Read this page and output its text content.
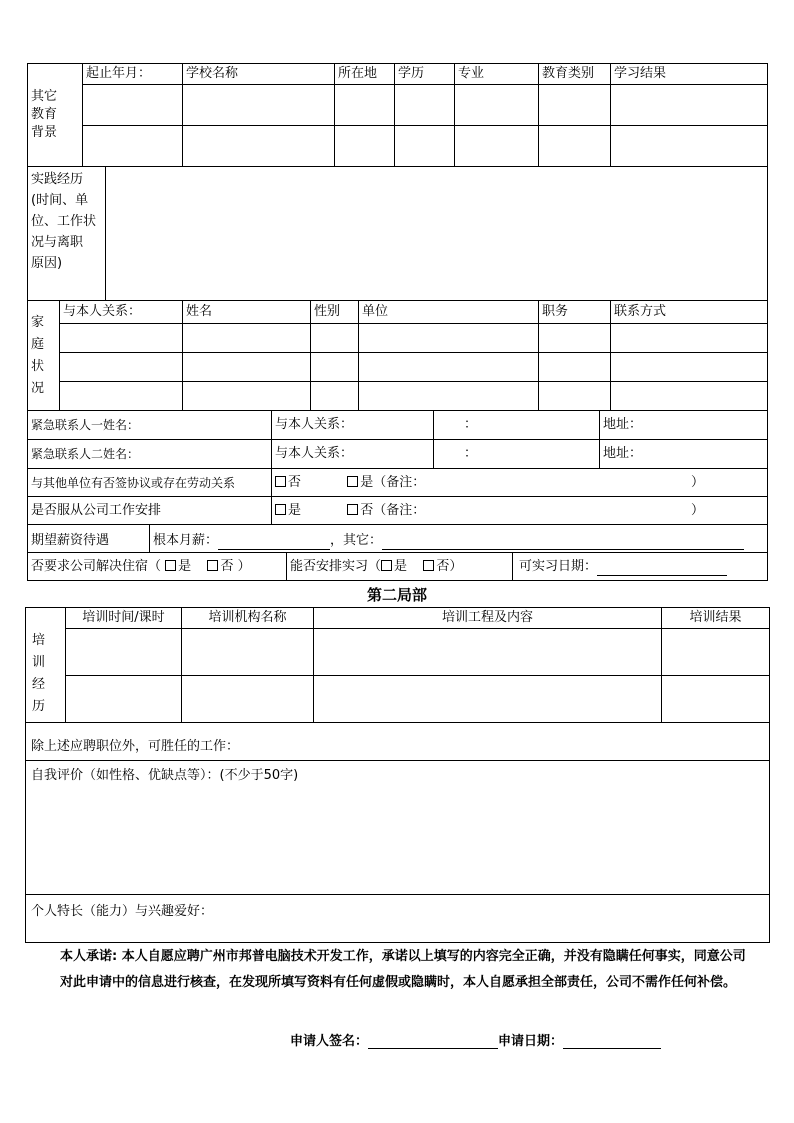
其它
教育
背景	起止年月：	学校名称	所在地	学历	专业	教育类别	学习结果

实践经历
(时间、单
位、工作状
况与离职
原因)

家
庭
状
况	与本人关系：	姓名	性别	单位	职务	联系方式

紧急联系人一姓名：	与本人关系：	：	地址：
紧急联系人二姓名：	与本人关系：	：	地址：
与其他单位有否签协议或存在劳动关系	否 是（备注： ）		

是否服从公司工作安排	是 否（备注： ）		
期望薪资待遇	根本月薪：	，其它：
否要求公司解决住宿（ 是 否 ）	能否安排实习（ 是 否）	可实习日期：
第二局部
培
训
经
历	培训时间/课时	培训机构名称	培训工程及内容	培训结果

除上述应聘职位外，可胜任的工作：
自我评价（如性格、优缺点等）：(不少于50字)
个人特长（能力）与兴趣爱好：
本人承诺: 本人自愿应聘广州市邦普电脑技术开发工作，承诺以上填写的内容完全正确，并没有隐瞒任何事实，同意公司对此申请中的信息进行核查，在发现所填写资料有任何虚假或隐瞒时，本人自愿承担全部责任，公司不需作任何补偿。
申请人签名：	申请日期：
